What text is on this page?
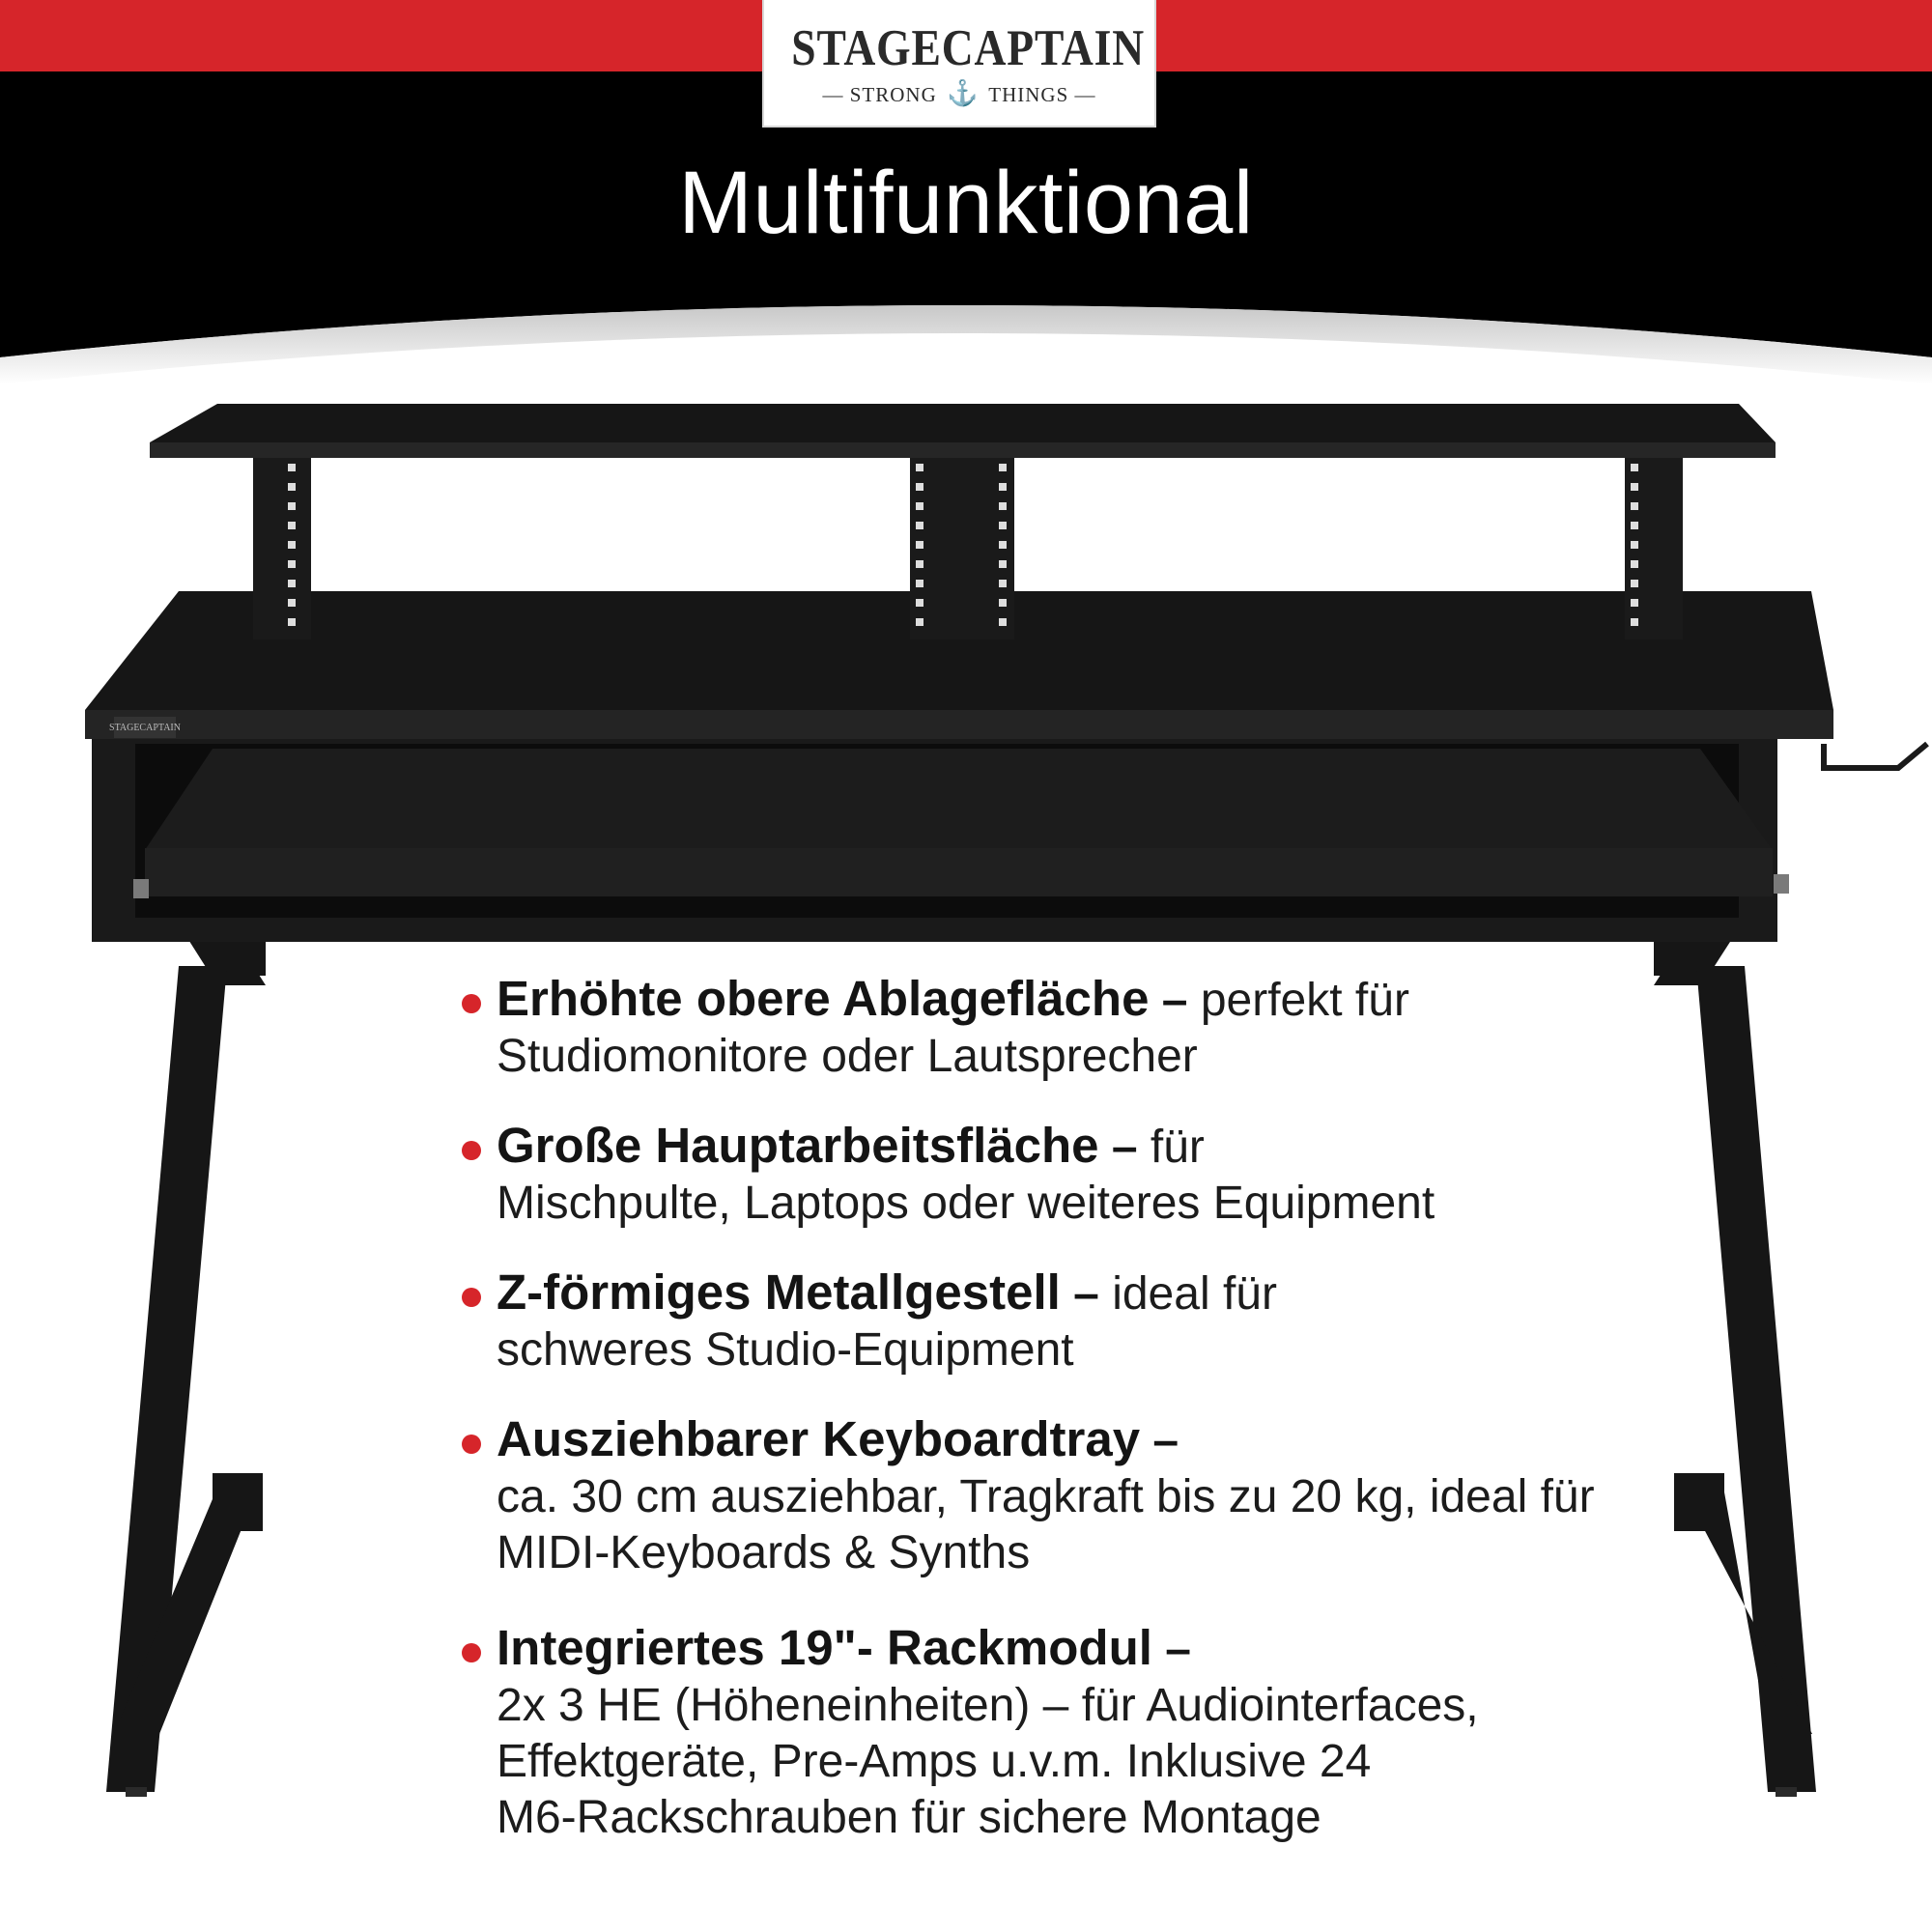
STAGECAPTAIN
— STRONG ⚓ THINGS —
Multifunktional
STAGECAPTAIN
Erhöhte obere Ablagefläche – perfekt für
Studiomonitore oder Lautsprecher
Große Hauptarbeitsfläche – für
Mischpulte, Laptops oder weiteres Equipment
Z-förmiges Metallgestell – ideal für
schweres Studio-Equipment
Ausziehbarer Keyboardtray –
ca. 30 cm ausziehbar, Tragkraft bis zu 20 kg, ideal für
MIDI-Keyboards & Synths
Integriertes 19"- Rackmodul –
2x 3 HE (Höheneinheiten) – für Audiointerfaces,
Effektgeräte, Pre-Amps u.v.m. Inklusive 24
M6-Rackschrauben für sichere Montage
